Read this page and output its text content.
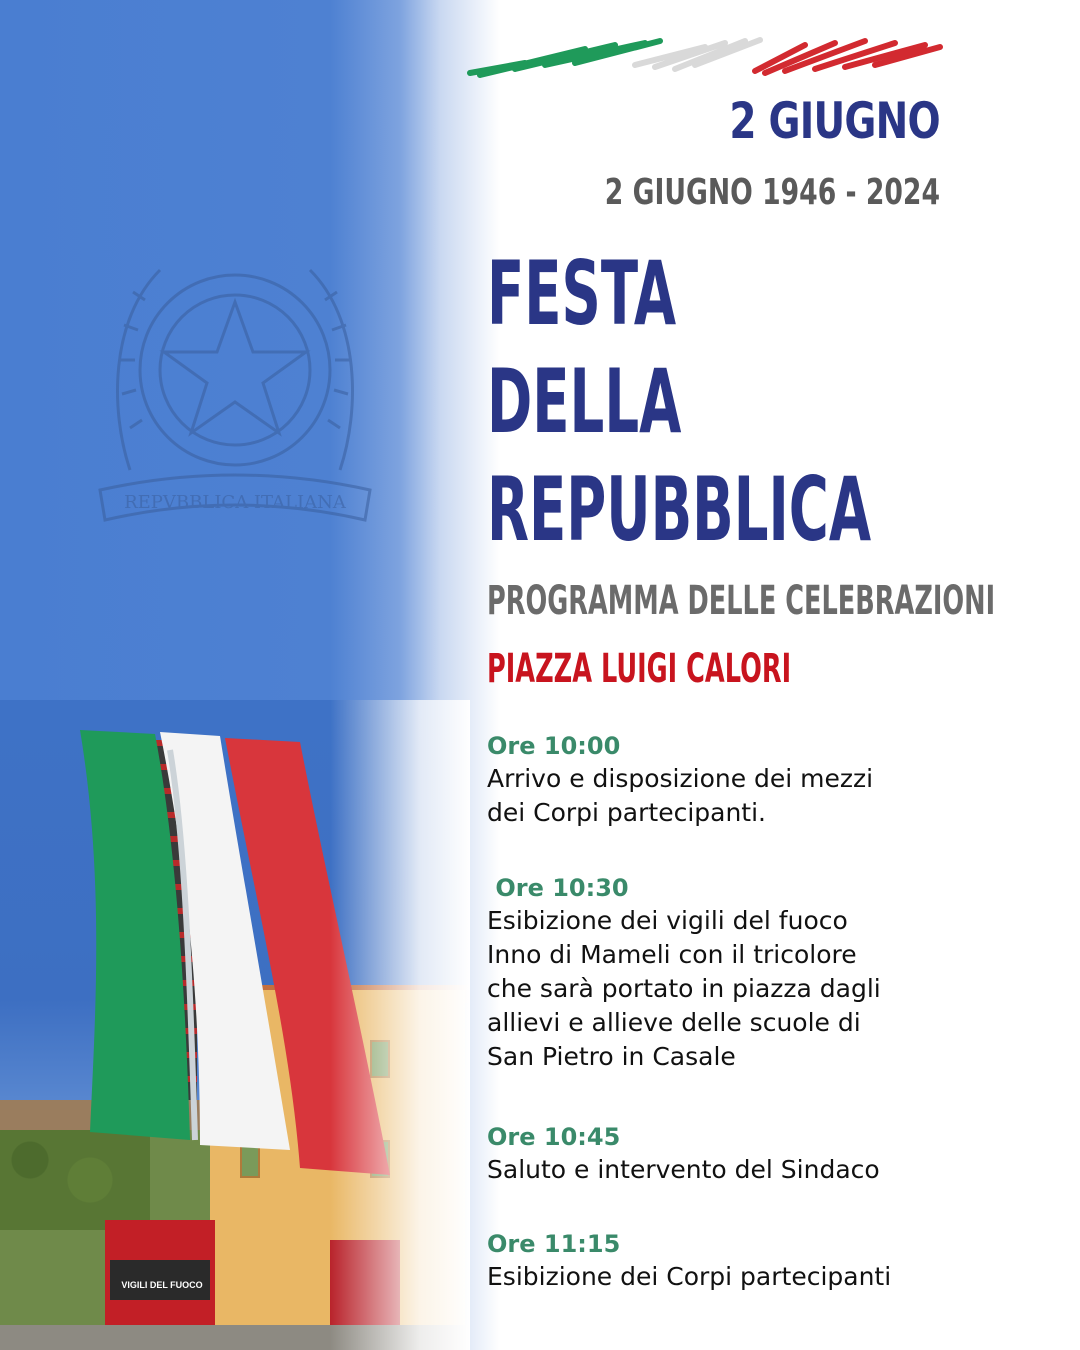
REPVBBLICA ITALIANA
VIGILI DEL FUOCO
2 GIUGNO
2 GIUGNO 1946 - 2024
FESTA
DELLA
REPUBBLICA
PROGRAMMA DELLE CELEBRAZIONI
PIAZZA LUIGI CALORI
Ore 10:00
Arrivo e disposizione dei mezzi
dei Corpi partecipanti.
Ore 10:30
Esibizione dei vigili del fuoco
Inno di Mameli con il tricolore
che sarà portato in piazza dagli
allievi e allieve delle scuole di
San Pietro in Casale
Ore 10:45
Saluto e intervento del Sindaco
Ore 11:15
Esibizione dei Corpi partecipanti
